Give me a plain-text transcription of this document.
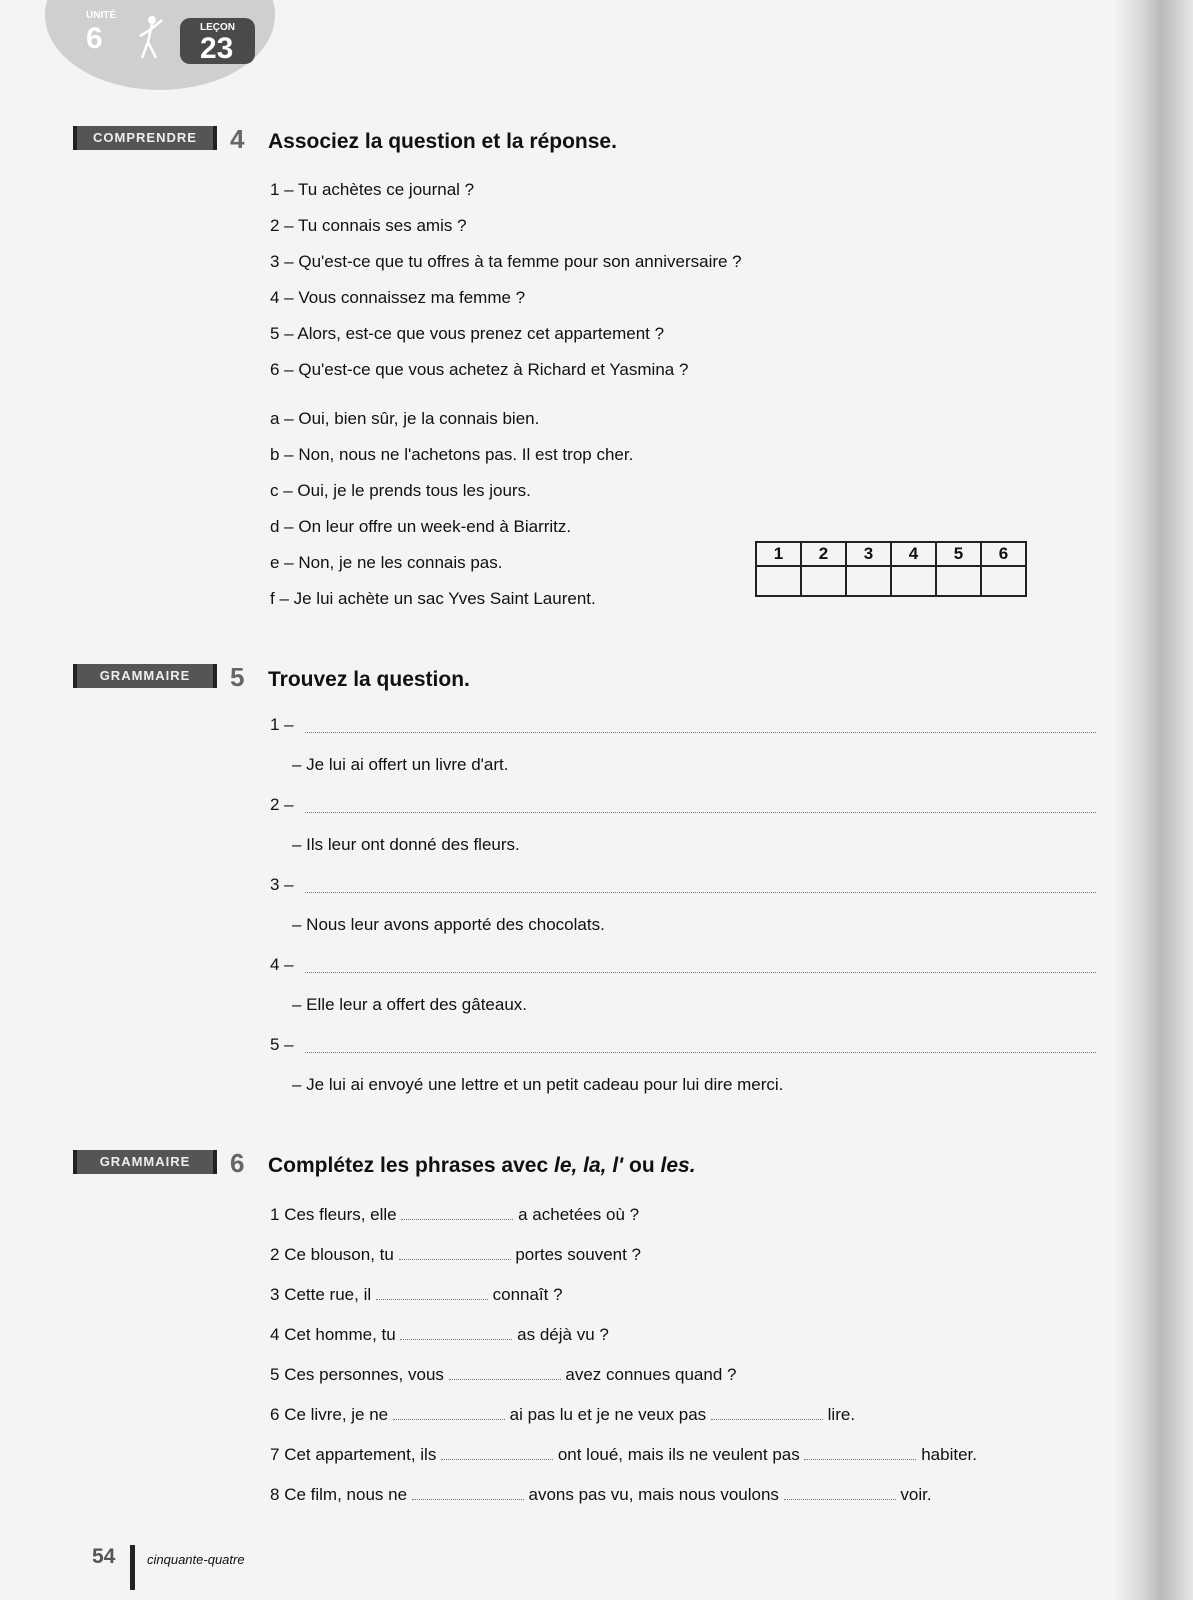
UNITÉ
6	LEÇON
23
COMPRENDRE	4 Associez la question et la réponse.
1 – Tu achètes ce journal ?
2 – Tu connais ses amis ?
3 – Qu'est-ce que tu offres à ta femme pour son anniversaire ?
4 – Vous connaissez ma femme ?
5 – Alors, est-ce que vous prenez cet appartement ?
6 – Qu'est-ce que vous achetez à Richard et Yasmina ?
a – Oui, bien sûr, je la connais bien.
b – Non, nous ne l'achetons pas. Il est trop cher.
c – Oui, je le prends tous les jours.
d – On leur offre un week-end à Biarritz.
e – Non, je ne les connais pas.
f – Je lui achète un sac Yves Saint Laurent.
1	2	3	4	5	6

GRAMMAIRE	5 Trouvez la question.
1 –
– Je lui ai offert un livre d'art.
2 –
– Ils leur ont donné des fleurs.
3 –
– Nous leur avons apporté des chocolats.
4 –
– Elle leur a offert des gâteaux.
5 –
– Je lui ai envoyé une lettre et un petit cadeau pour lui dire merci.
GRAMMAIRE	6 Complétez les phrases avec le, la, l' ou les.
1 Ces fleurs, elle	a achetées où ?
2 Ce blouson, tu	portes souvent ?
3 Cette rue, il	connaît ?
4 Cet homme, tu	as déjà vu ?
5 Ces personnes, vous	avez connues quand ?
6 Ce livre, je ne	ai pas lu et je ne veux pas	lire.
7 Cet appartement, ils	ont loué, mais ils ne veulent pas	habiter.
8 Ce film, nous ne	avons pas vu, mais nous voulons	voir.
54 cinquante-quatre
